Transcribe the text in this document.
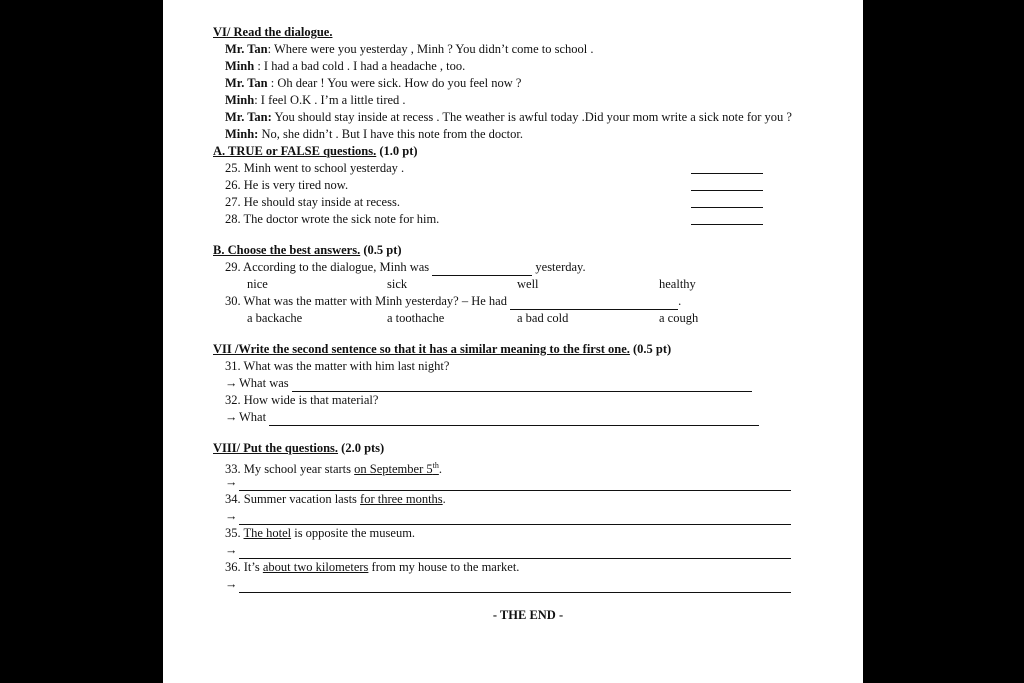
VI/ Read the dialogue.
Mr. Tan: Where were you yesterday , Minh ? You didn’t come to school .
Minh : I had a bad cold . I had a headache , too.
Mr. Tan : Oh dear ! You were sick. How do you feel now ?
Minh: I feel O.K . I’m a little tired .
Mr. Tan: You should stay inside at recess . The weather is awful today .Did your mom write a sick note for you ?
Minh: No, she didn’t . But I have this note from the doctor.
A. TRUE or FALSE questions. (1.0 pt)
25. Minh went to school yesterday .
26. He is very tired now.
27. He should stay inside at recess.
28. The doctor wrote the sick note for him.
B. Choose the best answers. (0.5 pt)
29. According to the dialogue, Minh was	yesterday.
nice	sick	well	healthy
30. What was the matter with Minh yesterday? – He had	.
a backache	a toothache	a bad cold	a cough
VII /Write the second sentence so that it has a similar meaning to the first one. (0.5 pt)
31. What was the matter with him last night?
→ What was
32. How wide is that material?
→ What
VIII/ Put the questions. (2.0 pts)
33. My school year starts on September 5th.
→
34. Summer vacation lasts for three months.
→
35. The hotel is opposite the museum.
→
36. It’s about two kilometers from my house to the market.
→
- THE END -
